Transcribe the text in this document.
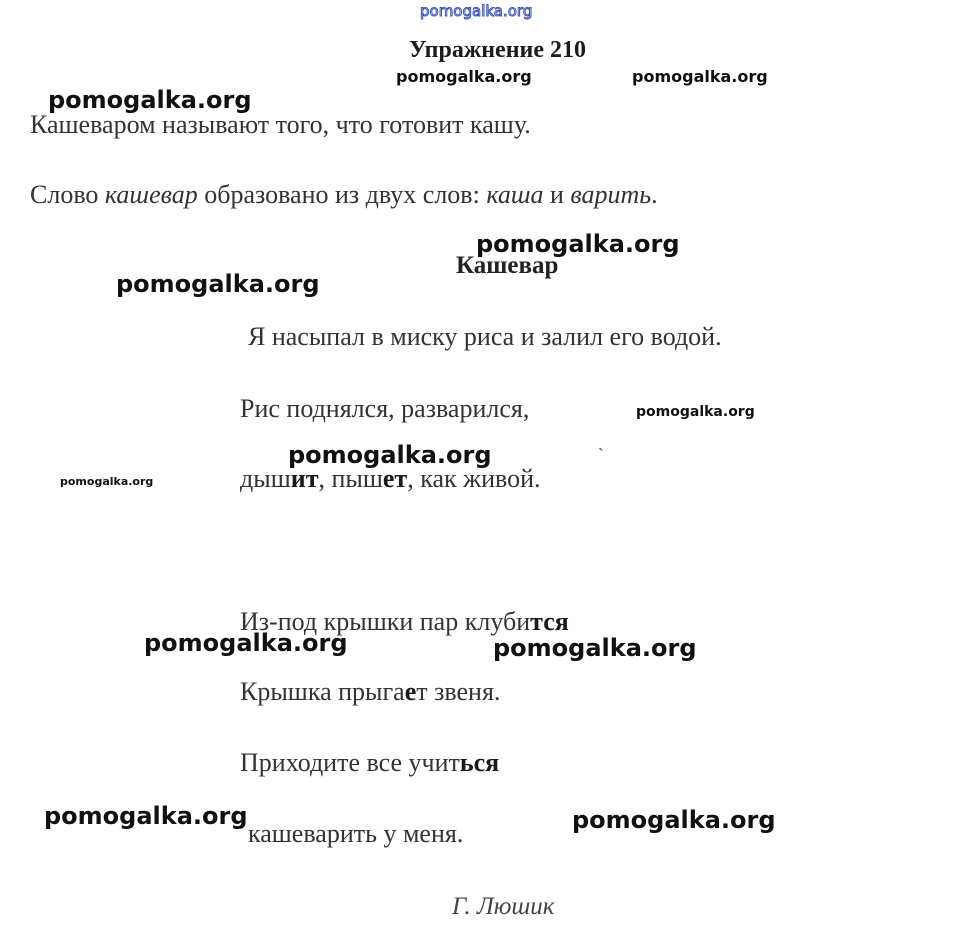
pomogalka.org
Упражнение 210
Кашеваром называют того, что готовит кашу.
Слово кашевар образовано из двух слов: каша и варить.
Кашевар
Я насыпал в миску риса и залил его водой.
Рис поднялся, разварился,
`
дышит, пышет, как живой.
Из-под крышки пар клубится
Крышка прыгает звеня.
Приходите все учиться
кашеварить у меня.
Г. Люшик
pomogalka.org	pomogalka.org
pomogalka.org
pomogalka.org
pomogalka.org
pomogalka.org
pomogalka.org
pomogalka.org
pomogalka.org	pomogalka.org
pomogalka.org	pomogalka.org
